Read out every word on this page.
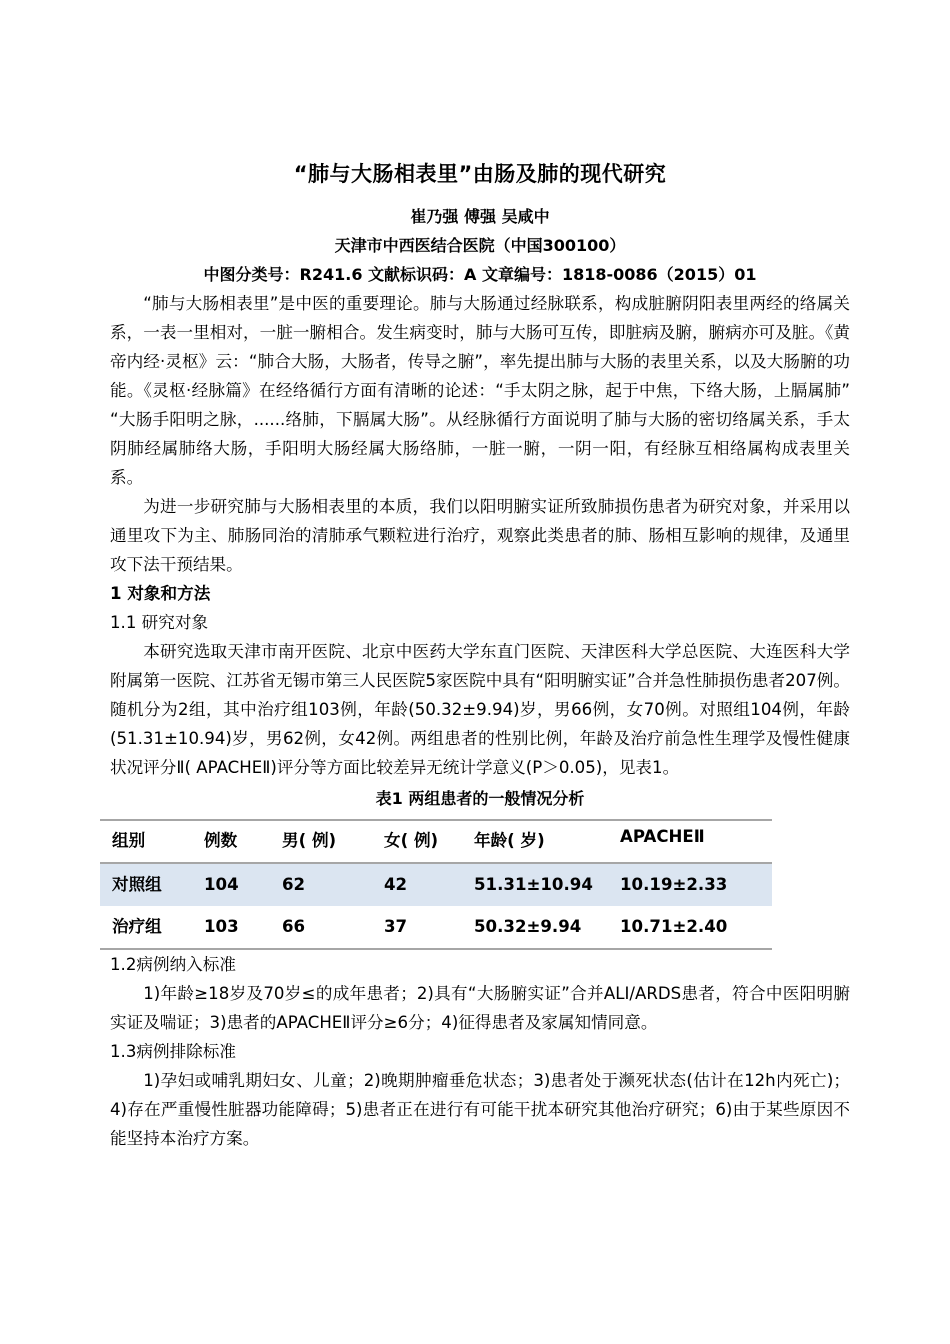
“肺与大肠相表里”由肠及肺的现代研究
崔乃强 傅强 吴咸中
天津市中西医结合医院（中国300100）
中图分类号：R241.6 文献标识码：A 文章编号：1818-0086（2015）01

“肺与大肠相表里”是中医的重要理论。肺与大肠通过经脉联系，构成脏腑阴阳表里两经的络属关系，一表一里相对，一脏一腑相合。发生病变时，肺与大肠可互传，即脏病及腑，腑病亦可及脏。《黄帝内经·灵枢》云：“肺合大肠，大肠者，传导之腑”，率先提出肺与大肠的表里关系，以及大肠腑的功能。《灵枢·经脉篇》在经络循行方面有清晰的论述：“手太阴之脉，起于中焦，下络大肠，上膈属肺” “大肠手阳明之脉，......络肺，下膈属大肠”。从经脉循行方面说明了肺与大肠的密切络属关系，手太阴肺经属肺络大肠，手阳明大肠经属大肠络肺，一脏一腑，一阴一阳，有经脉互相络属构成表里关系。

为进一步研究肺与大肠相表里的本质，我们以阳明腑实证所致肺损伤患者为研究对象，并采用以通里攻下为主、肺肠同治的清肺承气颗粒进行治疗，观察此类患者的肺、肠相互影响的规律，及通里攻下法干预结果。

1 对象和方法

1.1 研究对象

本研究选取天津市南开医院、北京中医药大学东直门医院、天津医科大学总医院、大连医科大学附属第一医院、江苏省无锡市第三人民医院5家医院中具有“阳明腑实证”合并急性肺损伤患者207例。随机分为2组，其中治疗组103例，年龄(50.32±9.94)岁，男66例，女70例。对照组104例，年龄(51.31±10.94)岁，男62例，女42例。两组患者的性别比例，年龄及治疗前急性生理学及慢性健康状况评分Ⅱ( APACHEⅡ)评分等方面比较差异无统计学意义(P＞0.05)，见表1。

表1 两组患者的一般情况分析
组别	例数	男( 例)	女( 例)	年龄( 岁)	APACHEⅡ
对照组	104	62	42	51.31±10.94	10.19±2.33
治疗组	103	66	37	50.32±9.94	10.71±2.40

1.2病例纳入标准

1)年龄≥18岁及70岁≤的成年患者；2)具有“大肠腑实证”合并ALI/ARDS患者，符合中医阳明腑实证及喘证；3)患者的APACHEⅡ评分≥6分；4)征得患者及家属知情同意。

1.3病例排除标准

1)孕妇或哺乳期妇女、儿童；2)晚期肿瘤垂危状态；3)患者处于濒死状态(估计在12h内死亡)；4)存在严重慢性脏器功能障碍；5)患者正在进行有可能干扰本研究其他治疗研究；6)由于某些原因不能坚持本治疗方案。
